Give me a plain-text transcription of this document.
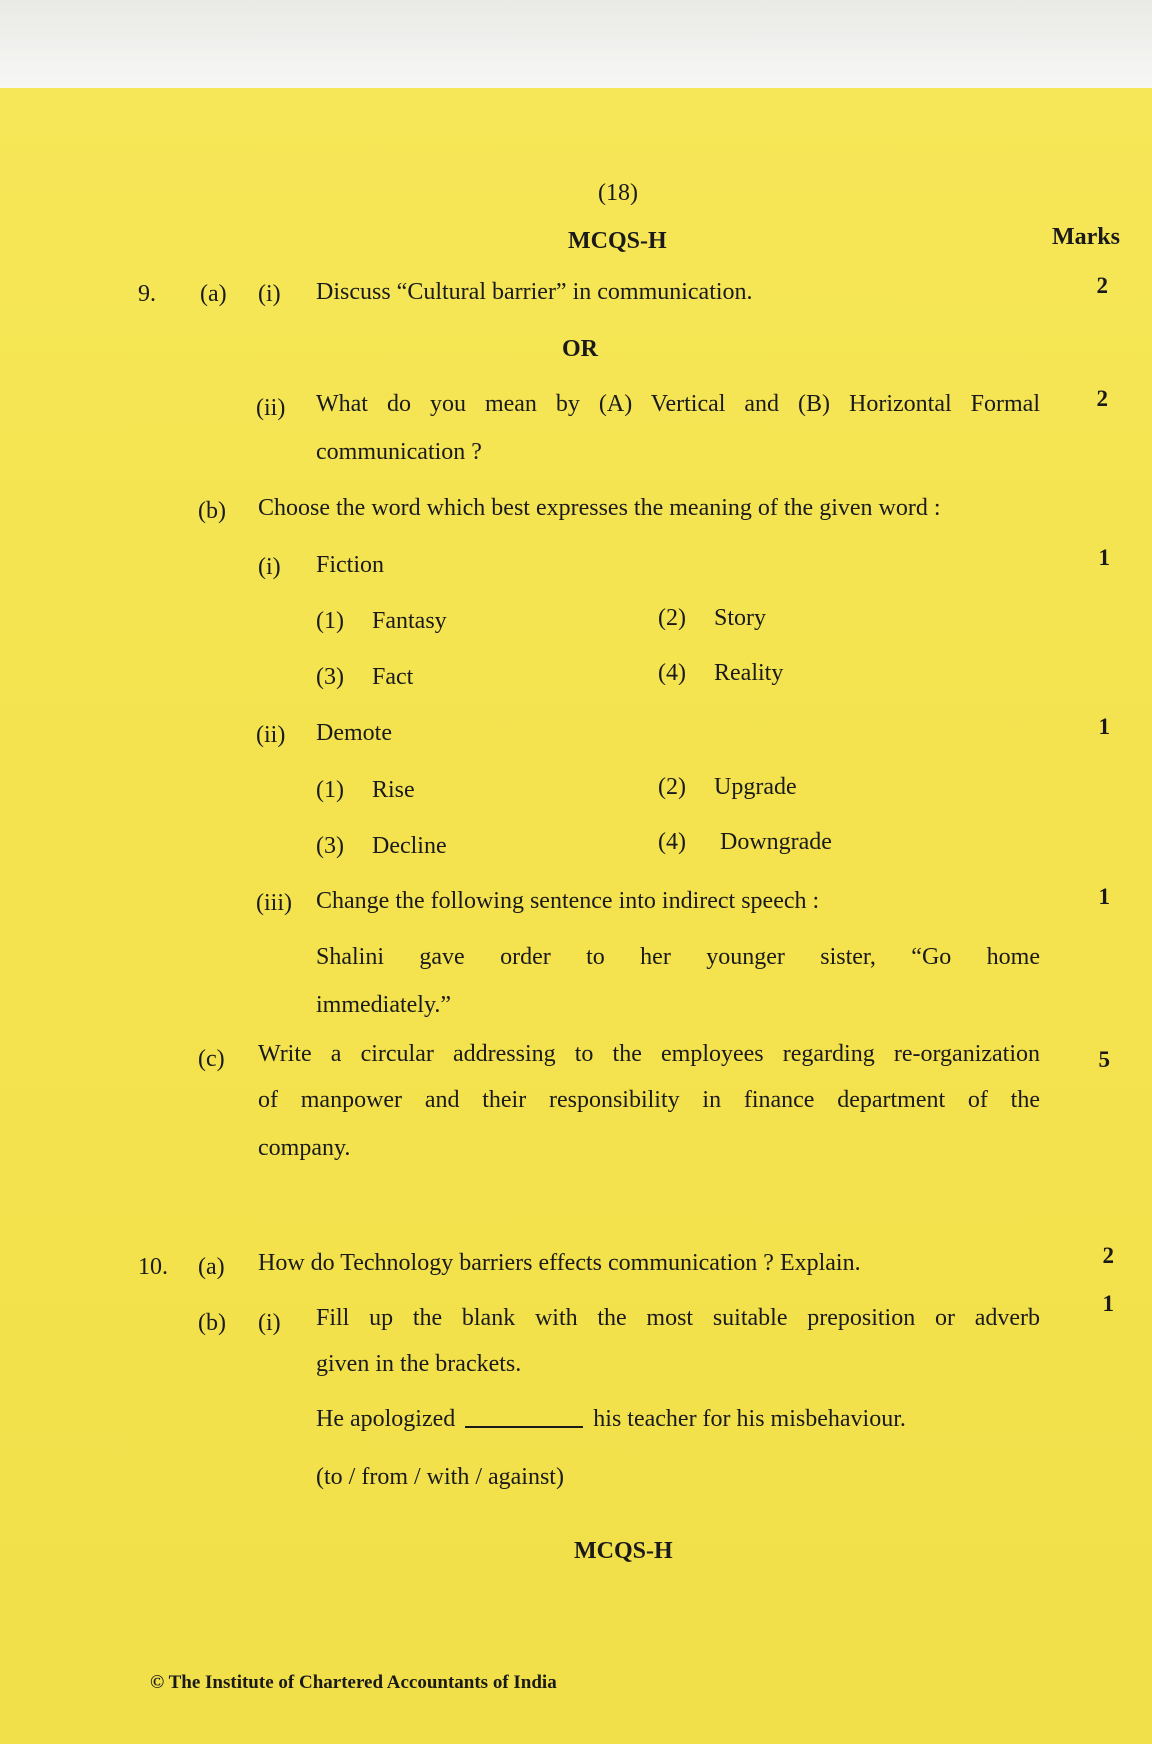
(18)
MCQS-H	Marks
9. (a) (i) Discuss “Cultural barrier” in communication.	2
OR
(ii) What do you mean by (A) Vertical and (B) Horizontal Formal
communication ?
2
(b) Choose the word which best expresses the meaning of the given word :
(i) Fiction	1
(1) Fantasy	(2) Story
(3) Fact	(4) Reality
(ii) Demote	1
(1) Rise	(2) Upgrade
(3) Decline	(4) Downgrade
(iii) Change the following sentence into indirect speech :	1
Shalini gave order to her younger sister, “Go home
immediately.”
(c) Write a circular addressing to the employees regarding re-organization
of manpower and their responsibility in finance department of the
company.
5
10. (a) How do Technology barriers effects communication ? Explain.	2
(b) (i) Fill up the blank with the most suitable preposition or adverb
given in the brackets.
1
He apologized	his teacher for his misbehaviour.
(to / from / with / against)
MCQS-H
© The Institute of Chartered Accountants of India
